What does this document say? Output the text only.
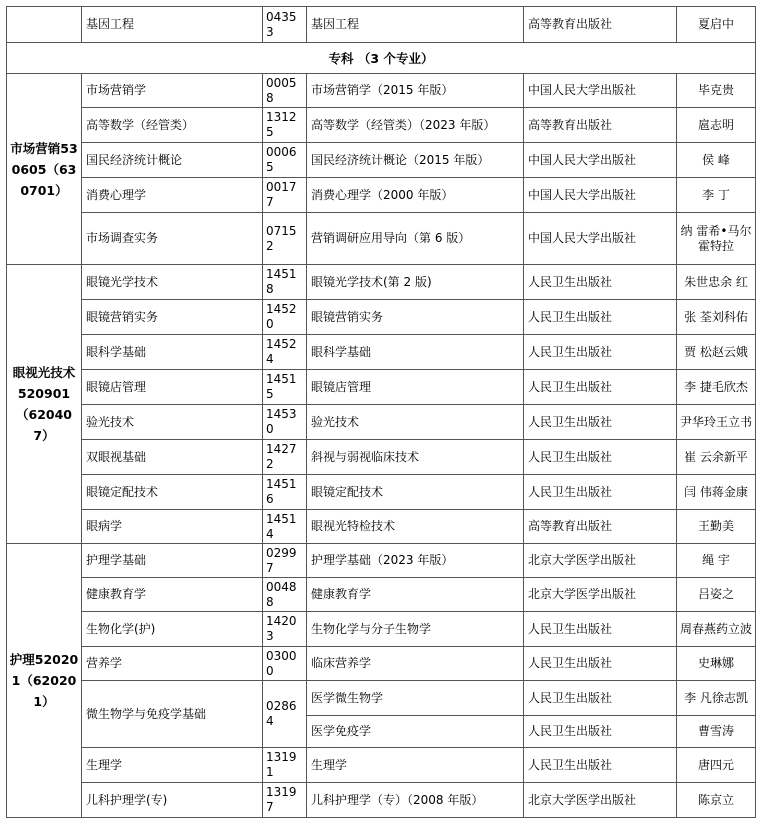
	基因工程	04353	基因工程	高等教育出版社	夏启中
专科 （3 个专业）					
市场营销530605（630701）	市场营销学	00058	市场营销学（2015 年版）	中国人民大学出版社	毕克贵
	高等数学（经管类）	13125	高等数学（经管类）（2023 年版）	高等教育出版社	扈志明
	国民经济统计概论	00065	国民经济统计概论（2015 年版）	中国人民大学出版社	侯 峰
	消费心理学	00177	消费心理学（2000 年版）	中国人民大学出版社	李 丁
	市场调查实务	07152	营销调研应用导向（第 6 版）	中国人民大学出版社	纳 雷希•马尔霍特拉
眼视光技术520901（620407）	眼镜光学技术	14518	眼镜光学技术(第 2 版)	人民卫生出版社	朱世忠余 红
	眼镜营销实务	14520	眼镜营销实务	人民卫生出版社	张 荃刘科佑
	眼科学基础	14524	眼科学基础	人民卫生出版社	贾 松赵云娥
	眼镜店管理	14515	眼镜店管理	人民卫生出版社	李 捷毛欣杰
	验光技术	14530	验光技术	人民卫生出版社	尹华玲王立书
	双眼视基础	14272	斜视与弱视临床技术	人民卫生出版社	崔 云余新平
	眼镜定配技术	14516	眼镜定配技术	人民卫生出版社	闫 伟蒋金康
	眼病学	14514	眼视光特检技术	高等教育出版社	王勤美
护理520201（620201）	护理学基础	02997	护理学基础（2023 年版）	北京大学医学出版社	绳 宇
	健康教育学	00488	健康教育学	北京大学医学出版社	吕姿之
	生物化学(护)	14203	生物化学与分子生物学	人民卫生出版社	周春燕药立波
	营养学	03000	临床营养学	人民卫生出版社	史琳娜
	微生物学与免疫学基础	02864	医学微生物学	人民卫生出版社	李 凡徐志凯
			医学免疫学	人民卫生出版社	曹雪涛
	生理学	13191	生理学	人民卫生出版社	唐四元
	儿科护理学(专)	13197	儿科护理学（专）（2008 年版）	北京大学医学出版社	陈京立
